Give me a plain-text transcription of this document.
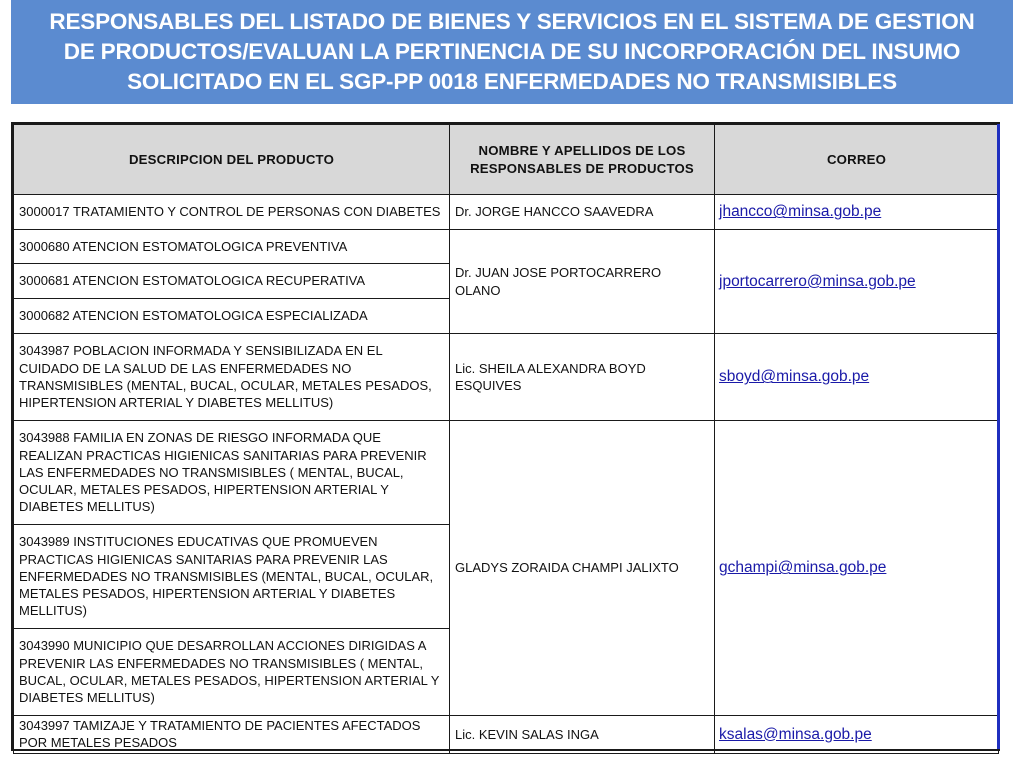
RESPONSABLES DEL LISTADO DE BIENES Y SERVICIOS EN EL SISTEMA DE GESTION
DE PRODUCTOS/EVALUAN LA PERTINENCIA DE SU INCORPORACIÓN DEL INSUMO
SOLICITADO EN EL SGP-PP 0018 ENFERMEDADES NO TRANSMISIBLES
DESCRIPCION DEL PRODUCTO	NOMBRE Y APELLIDOS DE LOS RESPONSABLES DE PRODUCTOS	CORREO
3000017 TRATAMIENTO Y CONTROL DE PERSONAS CON DIABETES	Dr. JORGE HANCCO SAAVEDRA	jhancco@minsa.gob.pe
3000680 ATENCION ESTOMATOLOGICA PREVENTIVA	Dr. JUAN JOSE PORTOCARRERO OLANO	jportocarrero@minsa.gob.pe
3000681 ATENCION ESTOMATOLOGICA RECUPERATIVA		
3000682 ATENCION ESTOMATOLOGICA ESPECIALIZADA		
3043987 POBLACION INFORMADA Y SENSIBILIZADA EN EL CUIDADO DE LA SALUD DE LAS ENFERMEDADES NO TRANSMISIBLES (MENTAL, BUCAL, OCULAR, METALES PESADOS, HIPERTENSION ARTERIAL Y DIABETES MELLITUS)	Lic. SHEILA ALEXANDRA BOYD ESQUIVES	sboyd@minsa.gob.pe
3043988 FAMILIA EN ZONAS DE RIESGO INFORMADA QUE REALIZAN PRACTICAS HIGIENICAS SANITARIAS PARA PREVENIR LAS ENFERMEDADES NO TRANSMISIBLES ( MENTAL, BUCAL, OCULAR, METALES PESADOS, HIPERTENSION ARTERIAL Y DIABETES MELLITUS)	GLADYS ZORAIDA CHAMPI JALIXTO	gchampi@minsa.gob.pe
3043989 INSTITUCIONES EDUCATIVAS QUE PROMUEVEN PRACTICAS HIGIENICAS SANITARIAS PARA PREVENIR LAS ENFERMEDADES NO TRANSMISIBLES (MENTAL, BUCAL, OCULAR, METALES PESADOS, HIPERTENSION ARTERIAL Y DIABETES MELLITUS)		
3043990 MUNICIPIO QUE DESARROLLAN ACCIONES DIRIGIDAS A PREVENIR LAS ENFERMEDADES NO TRANSMISIBLES ( MENTAL, BUCAL, OCULAR, METALES PESADOS, HIPERTENSION ARTERIAL Y DIABETES MELLITUS)		
3043997 TAMIZAJE Y TRATAMIENTO DE PACIENTES AFECTADOS POR METALES PESADOS	Lic. KEVIN SALAS INGA	ksalas@minsa.gob.pe
